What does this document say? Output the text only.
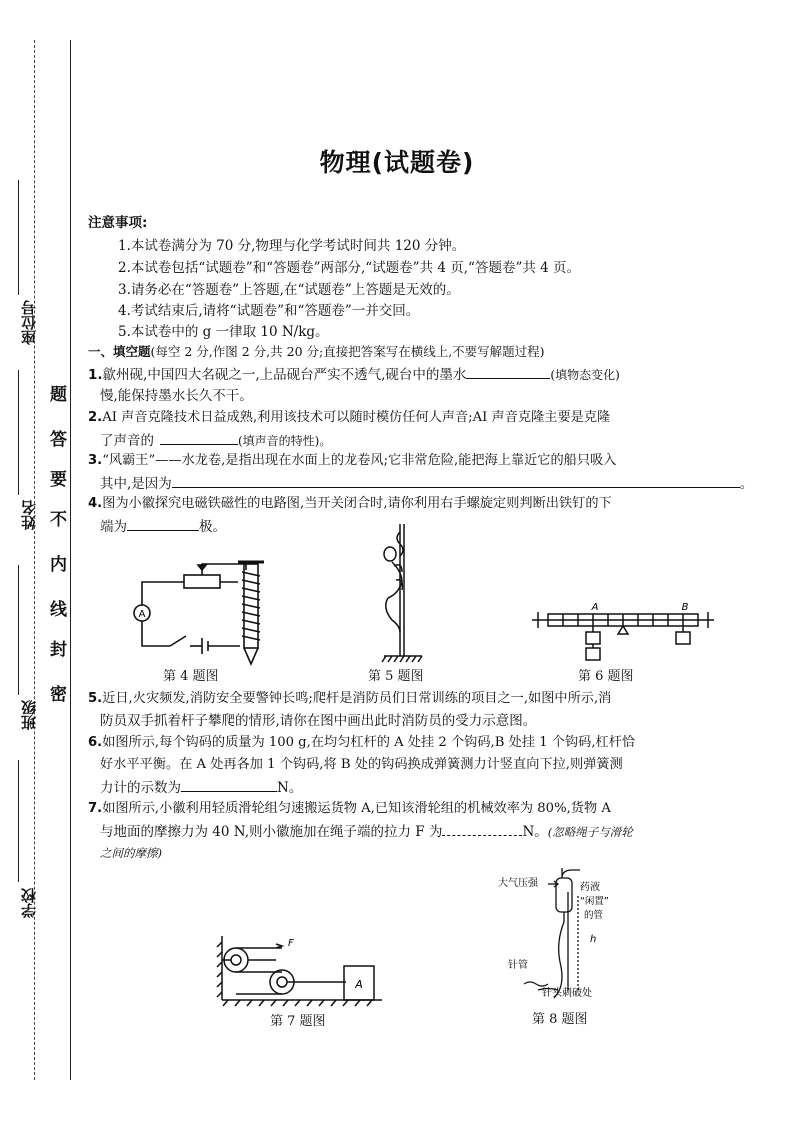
座位号
姓名
班级
学校
题
答
要
不
内
线
封
密
物理(试题卷)
注意事项:
1.本试卷满分为 70 分,物理与化学考试时间共 120 分钟。
2.本试卷包括“试题卷”和“答题卷”两部分,“试题卷”共 4 页,“答题卷”共 4 页。
3.请务必在“答题卷”上答题,在“试题卷”上答题是无效的。
4.考试结束后,请将“试题卷”和“答题卷”一并交回。
5.本试卷中的 g 一律取 10 N/kg。
一、填空题(每空 2 分,作图 2 分,共 20 分;直接把答案写在横线上,不要写解题过程)
1.歙州砚,中国四大名砚之一,上品砚台严实不透气,砚台中的墨水	(填物态变化)
慢,能保持墨水长久不干。
2.AI 声音克隆技术日益成熟,利用该技术可以随时模仿任何人声音;AI 声音克隆主要是克隆
了声音的	(填声音的特性)。
3.“风霸王”——水龙卷,是指出现在水面上的龙卷风;它非常危险,能把海上靠近它的船只吸入
其中,是因为	。
4.图为小徽探究电磁铁磁性的电路图,当开关闭合时,请你利用右手螺旋定则判断出铁钉的下
端为	极。
A
第 4 题图	第 5 题图
A	B
第 6 题图
5.近日,火灾频发,消防安全要警钟长鸣;爬杆是消防员们日常训练的项目之一,如图中所示,消
防员双手抓着杆子攀爬的情形,请你在图中画出此时消防员的受力示意图。
6.如图所示,每个钩码的质量为 100 g,在均匀杠杆的 A 处挂 2 个钩码,B 处挂 1 个钩码,杠杆恰
好水平平衡。在 A 处再各加 1 个钩码,将 B 处的钩码换成弹簧测力计竖直向下拉,则弹簧测
力计的示数为	N。
7.如图所示,小徽利用轻质滑轮组匀速搬运货物 A,已知该滑轮组的机械效率为 80%,货物 A
与地面的摩擦力为 40 N,则小徽施加在绳子端的拉力 F 为	N。(忽略绳子与滑轮
之间的摩擦)
F
A
第 7 题图
大气压强	药液
“闲置”
的管
h
针管
针头刺破处
第 8 题图
